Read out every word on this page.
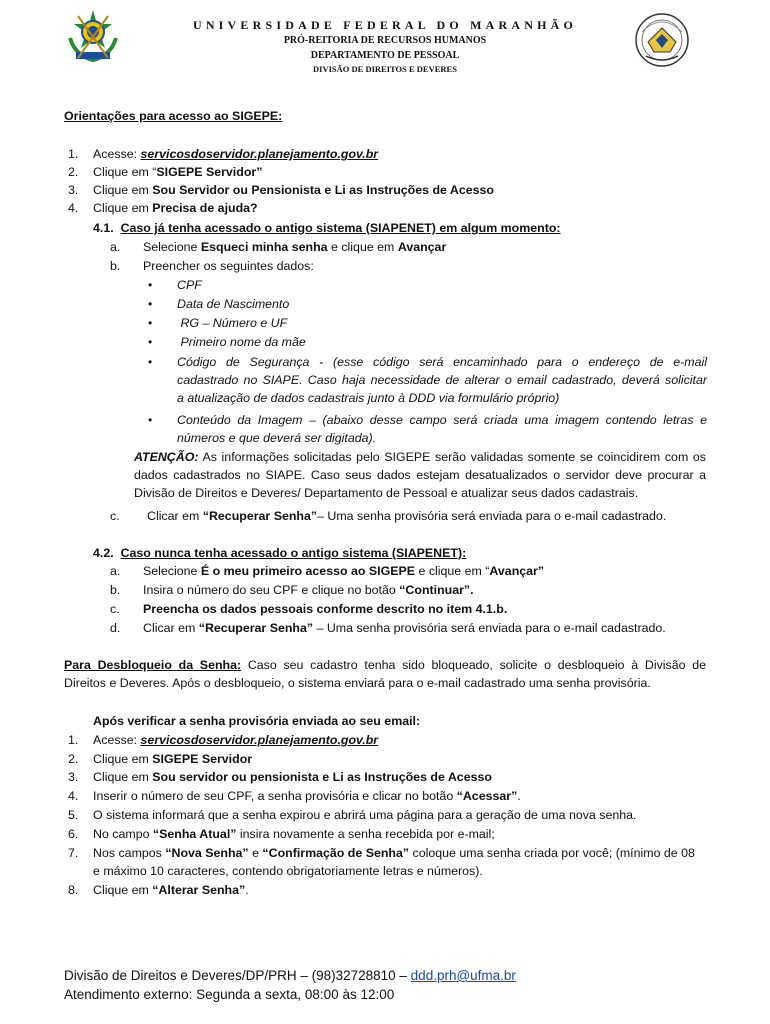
UNIVERSIDADE FEDERAL DO MARANHÃO
PRÓ-REITORIA DE RECURSOS HUMANOS
DEPARTAMENTO DE PESSOAL
DIVISÃO DE DIREITOS E DEVERES
Orientações para acesso ao SIGEPE:
1.	Acesse: servicosdoservidor.planejamento.gov.br
2.	Clique em “SIGEPE Servidor”
3.	Clique em Sou Servidor ou Pensionista e Li as Instruções de Acesso
4.	Clique em Precisa de ajuda?
4.1. Caso já tenha acessado o antigo sistema (SIAPENET) em algum momento:
a. Selecione Esqueci minha senha e clique em Avançar
b. Preencher os seguintes dados:
• CPF
• Data de Nascimento
• RG – Número e UF
• Primeiro nome da mãe
• Código de Segurança - (esse código será encaminhado para o endereço de e-mail
cadastrado no SIAPE. Caso haja necessidade de alterar o email cadastrado, deverá solicitar
a atualização de dados cadastrais junto à DDD via formulário próprio)
• Conteúdo da Imagem – (abaixo desse campo será criada uma imagem contendo letras e
números e que deverá ser digitada).
ATENÇÃO: As informações solicitadas pelo SIGEPE serão validadas somente se coincidirem com os
dados cadastrados no SIAPE. Caso seus dados estejam desatualizados o servidor deve procurar a
Divisão de Direitos e Deveres/ Departamento de Pessoal e atualizar seus dados cadastrais.
c. Clicar em “Recuperar Senha”– Uma senha provisória será enviada para o e-mail cadastrado.
4.2. Caso nunca tenha acessado o antigo sistema (SIAPENET):
a. Selecione É o meu primeiro acesso ao SIGEPE e clique em “Avançar”
b. Insira o número do seu CPF e clique no botão “Continuar”.
c. Preencha os dados pessoais conforme descrito no item 4.1.b.
d. Clicar em “Recuperar Senha” – Uma senha provisória será enviada para o e-mail cadastrado.
Para Desbloqueio da Senha: Caso seu cadastro tenha sido bloqueado, solicite o desbloqueio à Divisão de
Direitos e Deveres. Após o desbloqueio, o sistema enviará para o e-mail cadastrado uma senha provisória.
Após verificar a senha provisória enviada ao seu email:
1.	Acesse: servicosdoservidor.planejamento.gov.br
2.	Clique em SIGEPE Servidor
3.	Clique em Sou servidor ou pensionista e Li as Instruções de Acesso
4.	Inserir o número de seu CPF, a senha provisória e clicar no botão “Acessar”.
5.	O sistema informará que a senha expirou e abrirá uma página para a geração de uma nova senha.
6.	No campo “Senha Atual” insira novamente a senha recebida por e-mail;
7.	Nos campos “Nova Senha” e “Confirmação de Senha” coloque uma senha criada por você; (mínimo de 08
e máximo 10 caracteres, contendo obrigatoriamente letras e números).
8.	Clique em “Alterar Senha”.
Divisão de Direitos e Deveres/DP/PRH – (98)32728810 – ddd.prh@ufma.br
Atendimento externo: Segunda a sexta, 08:00 às 12:00
